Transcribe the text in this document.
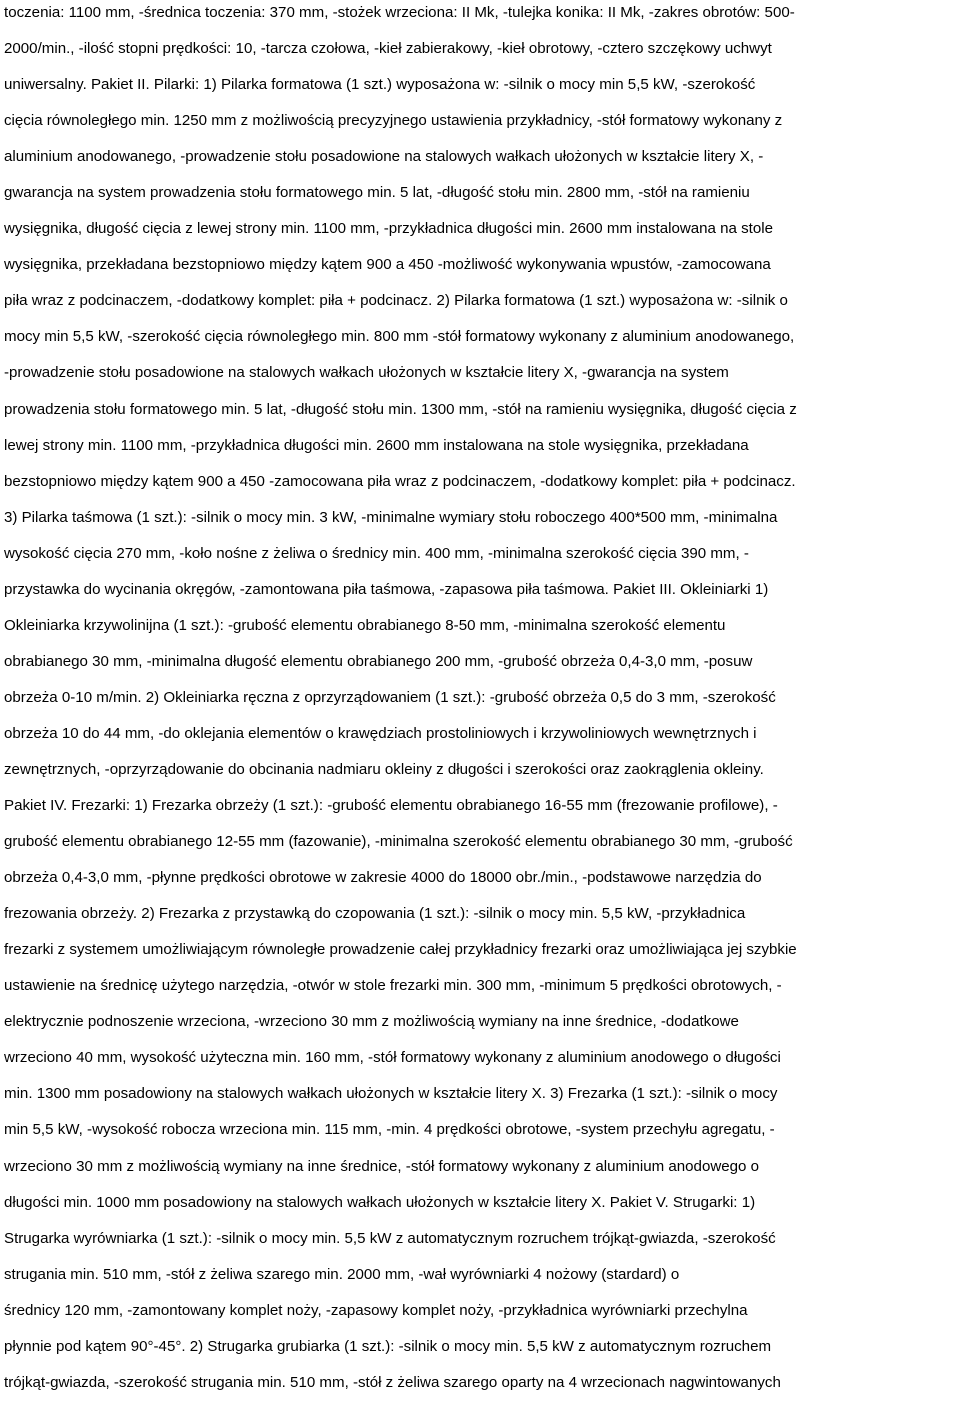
toczenia: 1100 mm, -średnica toczenia: 370 mm, -stożek wrzeciona: II Mk, -tulejka konika: II Mk, -zakres obrotów: 500-
2000/min., -ilość stopni prędkości: 10, -tarcza czołowa, -kieł zabierakowy, -kieł obrotowy, -cztero szczękowy uchwyt
uniwersalny. Pakiet II. Pilarki: 1) Pilarka formatowa (1 szt.) wyposażona w: -silnik o mocy min 5,5 kW, -szerokość
cięcia równoległego min. 1250 mm z możliwością precyzyjnego ustawienia przykładnicy, -stół formatowy wykonany z
aluminium anodowanego, -prowadzenie stołu posadowione na stalowych wałkach ułożonych w kształcie litery X, -
gwarancja na system prowadzenia stołu formatowego min. 5 lat, -długość stołu min. 2800 mm, -stół na ramieniu
wysięgnika, długość cięcia z lewej strony min. 1100 mm, -przykładnica długości min. 2600 mm instalowana na stole
wysięgnika, przekładana bezstopniowo między kątem 900 a 450 -możliwość wykonywania wpustów, -zamocowana
piła wraz z podcinaczem, -dodatkowy komplet: piła + podcinacz. 2) Pilarka formatowa (1 szt.) wyposażona w: -silnik o
mocy min 5,5 kW, -szerokość cięcia równoległego min. 800 mm -stół formatowy wykonany z aluminium anodowanego,
-prowadzenie stołu posadowione na stalowych wałkach ułożonych w kształcie litery X, -gwarancja na system
prowadzenia stołu formatowego min. 5 lat, -długość stołu min. 1300 mm, -stół na ramieniu wysięgnika, długość cięcia z
lewej strony min. 1100 mm, -przykładnica długości min. 2600 mm instalowana na stole wysięgnika, przekładana
bezstopniowo między kątem 900 a 450 -zamocowana piła wraz z podcinaczem, -dodatkowy komplet: piła + podcinacz.
3) Pilarka taśmowa (1 szt.): -silnik o mocy min. 3 kW, -minimalne wymiary stołu roboczego 400*500 mm, -minimalna
wysokość cięcia 270 mm, -koło nośne z żeliwa o średnicy min. 400 mm, -minimalna szerokość cięcia 390 mm, -
przystawka do wycinania okręgów, -zamontowana piła taśmowa, -zapasowa piła taśmowa. Pakiet III. Okleiniarki 1)
Okleiniarka krzywolinijna (1 szt.): -grubość elementu obrabianego 8-50 mm, -minimalna szerokość elementu
obrabianego 30 mm, -minimalna długość elementu obrabianego 200 mm, -grubość obrzeża 0,4-3,0 mm, -posuw
obrzeża 0-10 m/min. 2) Okleiniarka ręczna z oprzyrządowaniem (1 szt.): -grubość obrzeża 0,5 do 3 mm, -szerokość
obrzeża 10 do 44 mm, -do oklejania elementów o krawędziach prostoliniowych i krzywoliniowych wewnętrznych i
zewnętrznych, -oprzyrządowanie do obcinania nadmiaru okleiny z długości i szerokości oraz zaokrąglenia okleiny.
Pakiet IV. Frezarki: 1) Frezarka obrzeży (1 szt.): -grubość elementu obrabianego 16-55 mm (frezowanie profilowe), -
grubość elementu obrabianego 12-55 mm (fazowanie), -minimalna szerokość elementu obrabianego 30 mm, -grubość
obrzeża 0,4-3,0 mm, -płynne prędkości obrotowe w zakresie 4000 do 18000 obr./min., -podstawowe narzędzia do
frezowania obrzeży. 2) Frezarka z przystawką do czopowania (1 szt.): -silnik o mocy min. 5,5 kW, -przykładnica
frezarki z systemem umożliwiającym równoległe prowadzenie całej przykładnicy frezarki oraz umożliwiająca jej szybkie
ustawienie na średnicę użytego narzędzia, -otwór w stole frezarki min. 300 mm, -minimum 5 prędkości obrotowych, -
elektrycznie podnoszenie wrzeciona, -wrzeciono 30 mm z możliwością wymiany na inne średnice, -dodatkowe
wrzeciono 40 mm, wysokość użyteczna min. 160 mm, -stół formatowy wykonany z aluminium anodowego o długości
min. 1300 mm posadowiony na stalowych wałkach ułożonych w kształcie litery X. 3) Frezarka (1 szt.): -silnik o mocy
min 5,5 kW, -wysokość robocza wrzeciona min. 115 mm, -min. 4 prędkości obrotowe, -system przechyłu agregatu, -
wrzeciono 30 mm z możliwością wymiany na inne średnice, -stół formatowy wykonany z aluminium anodowego o
długości min. 1000 mm posadowiony na stalowych wałkach ułożonych w kształcie litery X. Pakiet V. Strugarki: 1)
Strugarka wyrówniarka (1 szt.): -silnik o mocy min. 5,5 kW z automatycznym rozruchem trójkąt-gwiazda, -szerokość
strugania min. 510 mm, -stół z żeliwa szarego min. 2000 mm, -wał wyrówniarki 4 nożowy (stardard) o
średnicy 120 mm, -zamontowany komplet noży, -zapasowy komplet noży, -przykładnica wyrówniarki przechylna
płynnie pod kątem 90°-45°. 2) Strugarka grubiarka (1 szt.): -silnik o mocy min. 5,5 kW z automatycznym rozruchem
trójkąt-gwiazda, -szerokość strugania min. 510 mm, -stół z żeliwa szarego oparty na 4 wrzecionach nagwintowanych
